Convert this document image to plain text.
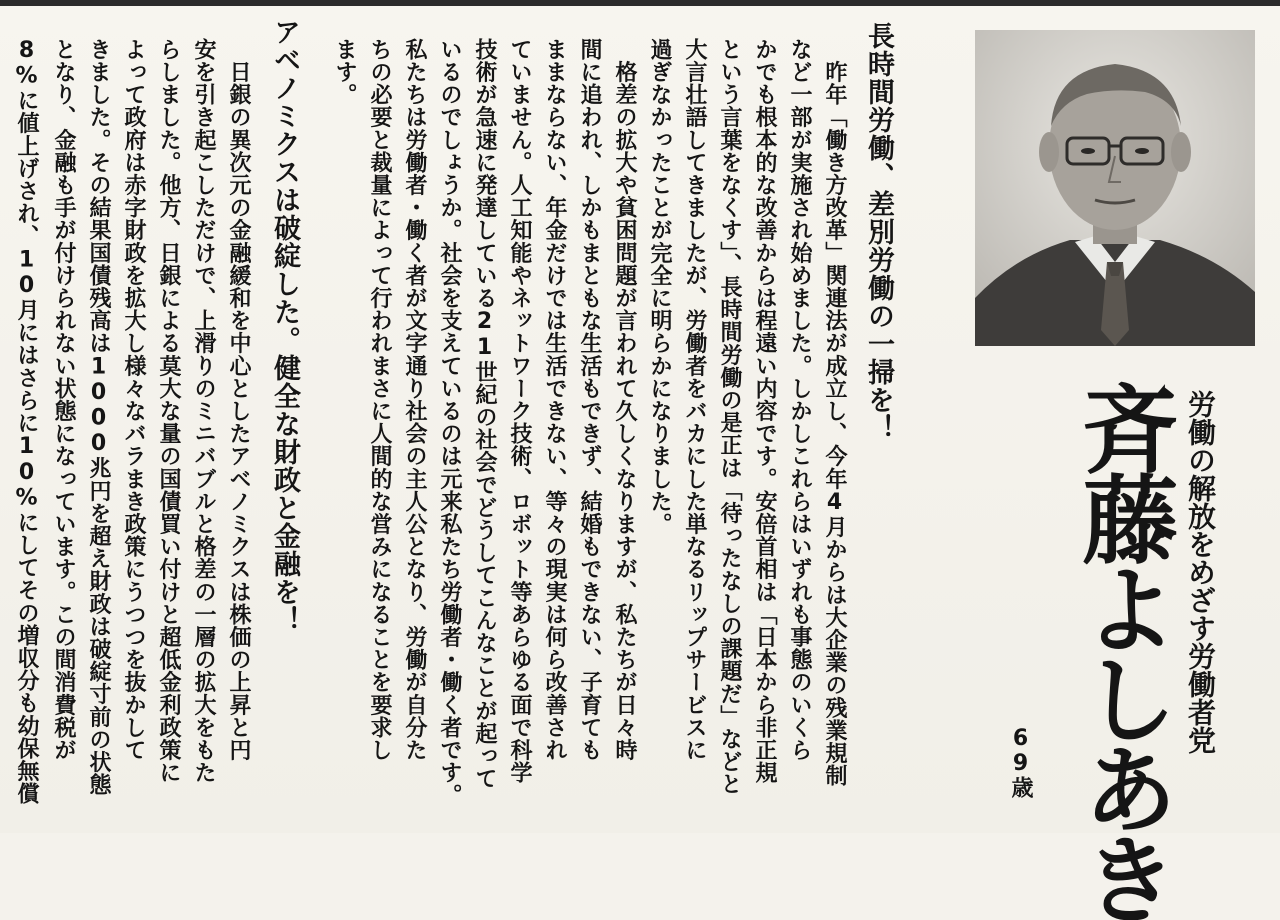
労働の解放をめざす労働者党
斉藤よしあき
69歳
長時間労働、差別労働の一掃を！
　昨年「働き方改革」関連法が成立し、今年4月からは大企業の残業規制
など一部が実施され始めました。しかしこれらはいずれも事態のいくら
かでも根本的な改善からは程遠い内容です。安倍首相は「日本から非正規
という言葉をなくす」、長時間労働の是正は「待ったなしの課題だ」などと
大言壮語してきましたが、労働者をバカにした単なるリップサービスに
過ぎなかったことが完全に明らかになりました。
　格差の拡大や貧困問題が言われて久しくなりますが、私たちが日々時
間に追われ、しかもまともな生活もできず、結婚もできない、子育ても
ままならない、年金だけでは生活できない、等々の現実は何ら改善され
ていません。人工知能やネットワーク技術、ロボット等あらゆる面で科学
技術が急速に発達している21世紀の社会でどうしてこんなことが起って
いるのでしょうか。社会を支えているのは元来私たち労働者・働く者です。
私たちは労働者・働く者が文字通り社会の主人公となり、労働が自分た
ちの必要と裁量によって行われまさに人間的な営みになることを要求し
ます。
アベノミクスは破綻した。健全な財政と金融を！
　日銀の異次元の金融緩和を中心としたアベノミクスは株価の上昇と円
安を引き起こしただけで、上滑りのミニバブルと格差の一層の拡大をもた
らしました。他方、日銀による莫大な量の国債買い付けと超低金利政策に
よって政府は赤字財政を拡大し様々なバラまき政策にうつつを抜かして
きました。その結果国債残高は1000兆円を超え財政は破綻寸前の状態
となり、金融も手が付けられない状態になっています。この間消費税が
8%に値上げされ、10月にはさらに10%にしてその増収分も幼保無償
